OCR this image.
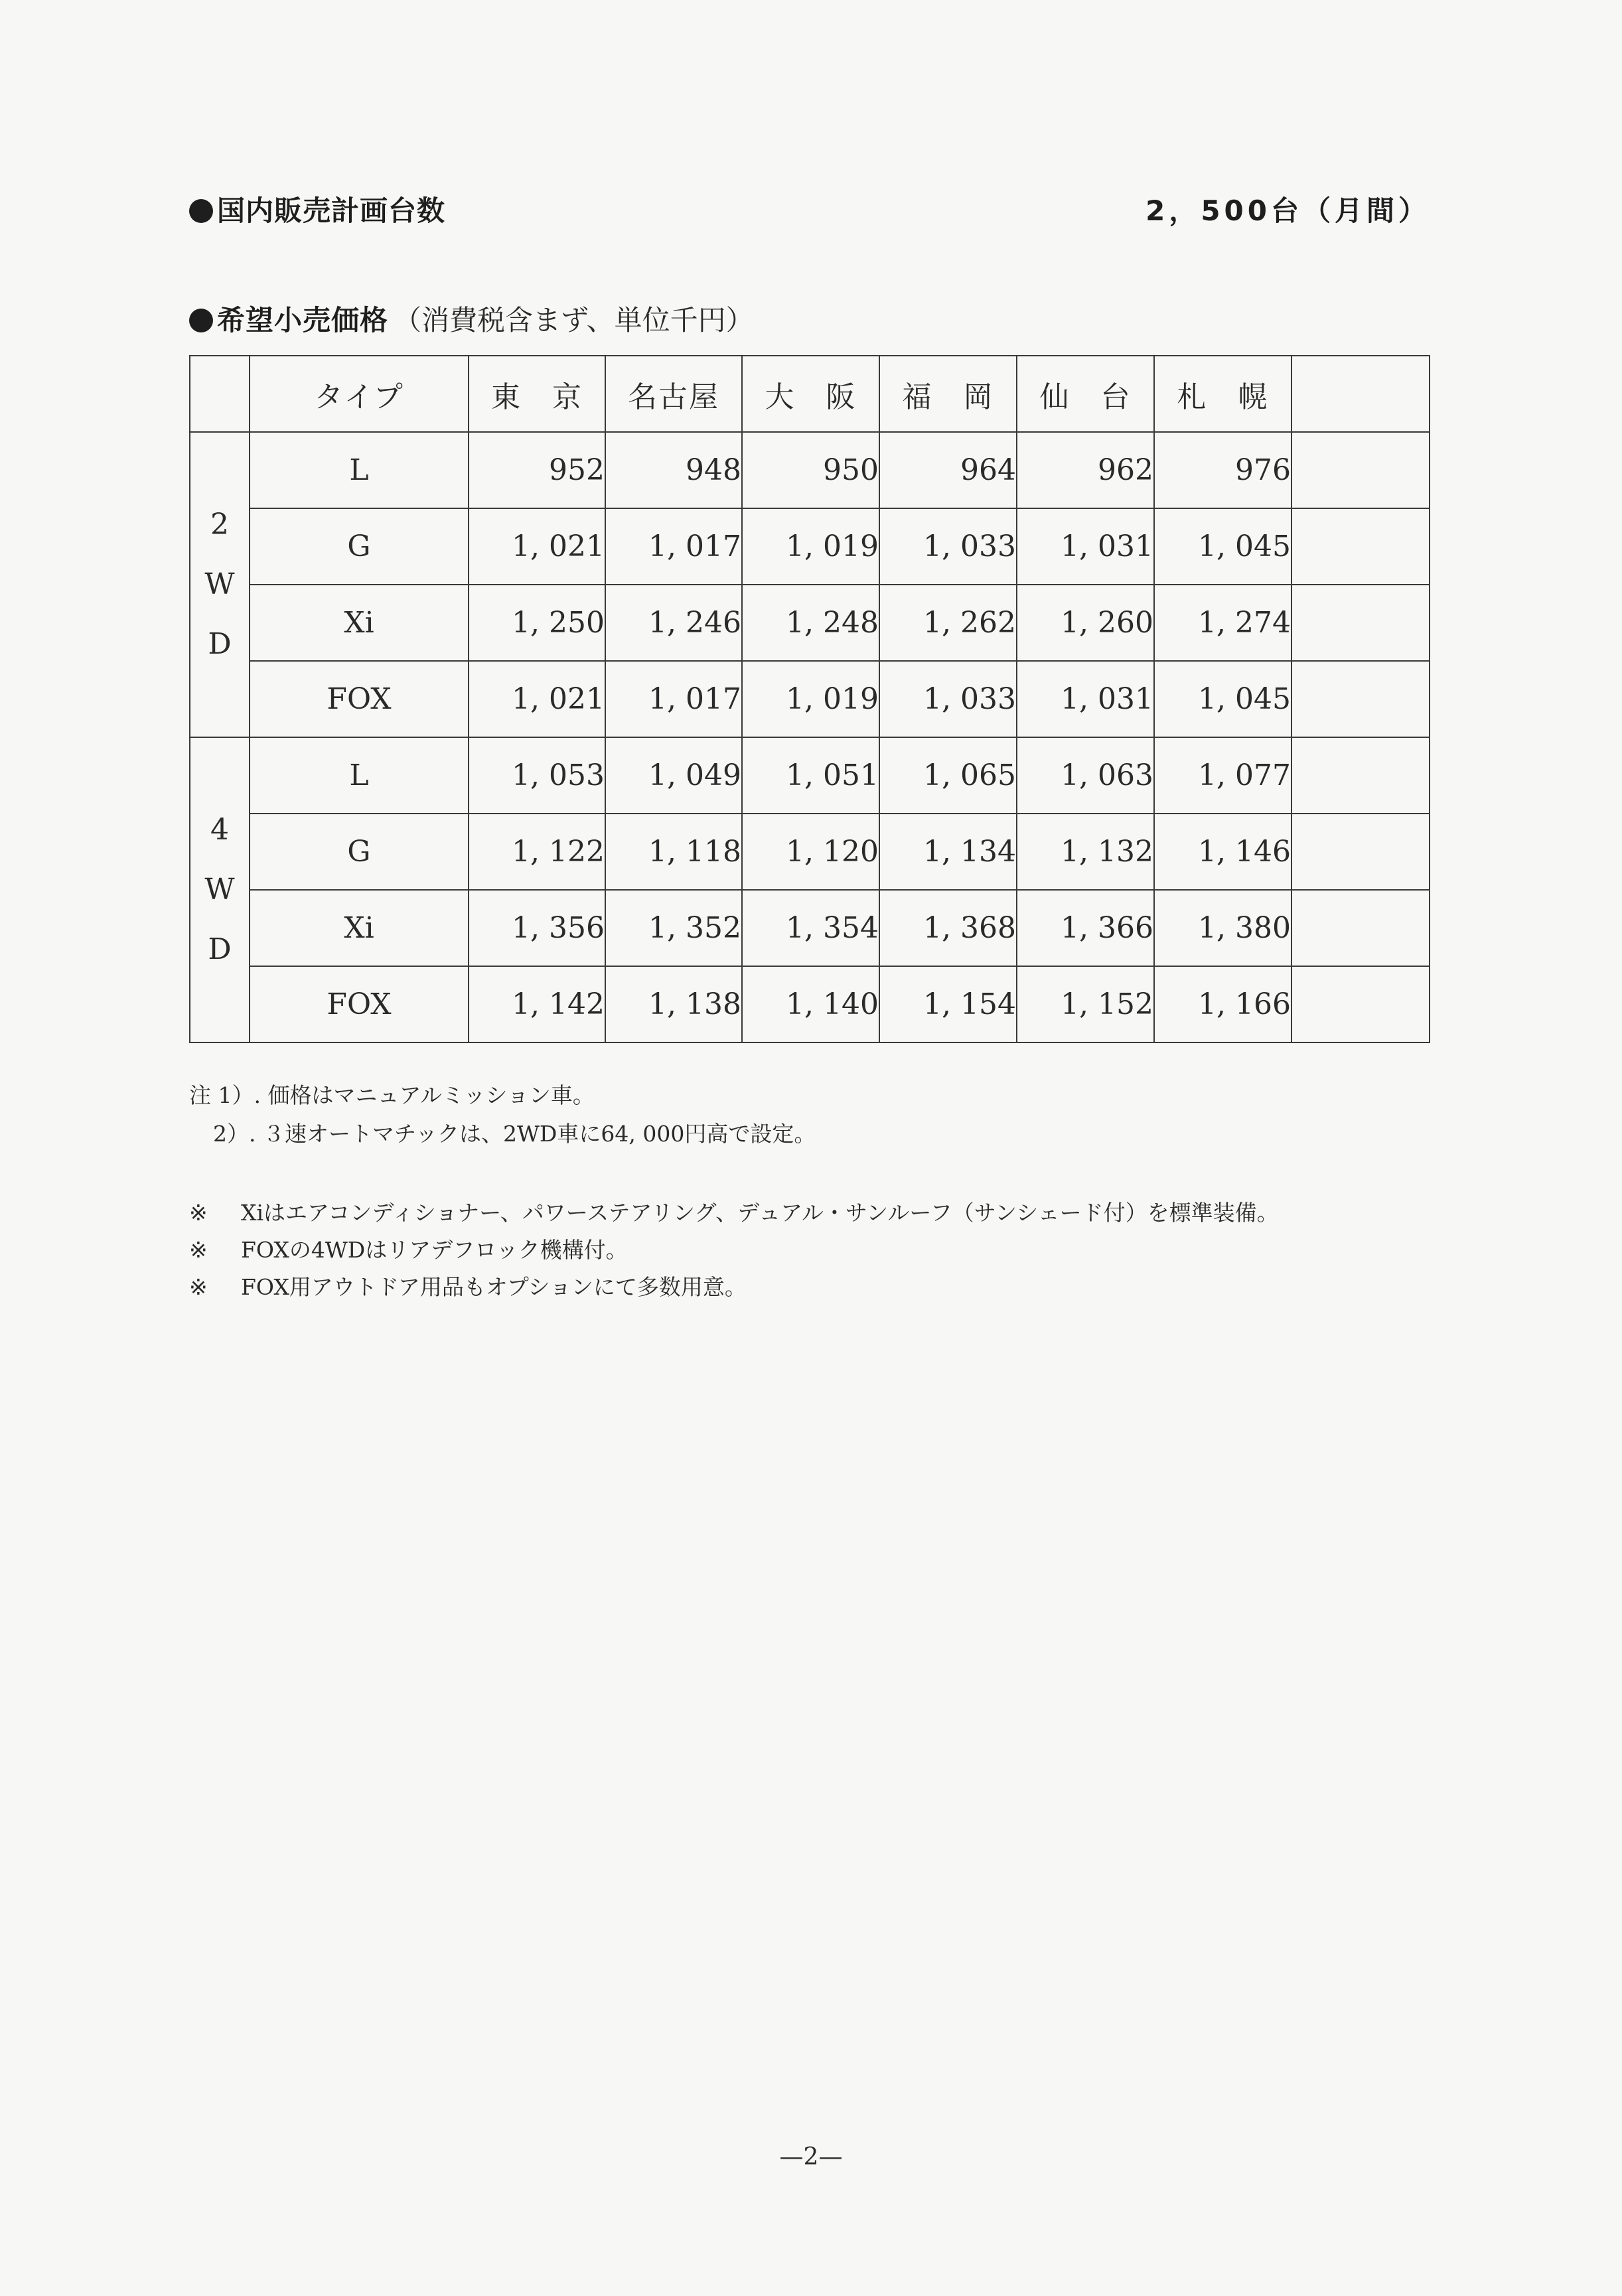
国内販売計画台数	2，500台（月間）
希望小売価格 （消費税含まず、単位千円）
	タイプ	東　京	名古屋	大　阪	福　岡	仙　台	札　幌	

2
W
D	L	952	948	950	964	962	976	
	G	1, 021	1, 017	1, 019	1, 033	1, 031	1, 045	
	Xi	1, 250	1, 246	1, 248	1, 262	1, 260	1, 274	
	FOX	1, 021	1, 017	1, 019	1, 033	1, 031	1, 045	

4
W
D	L	1, 053	1, 049	1, 051	1, 065	1, 063	1, 077	
	G	1, 122	1, 118	1, 120	1, 134	1, 132	1, 146	
	Xi	1, 356	1, 352	1, 354	1, 368	1, 366	1, 380	
	FOX	1, 142	1, 138	1, 140	1, 154	1, 152	1, 166	
注 1）. 価格はマニュアルミッション車。
2）. ３速オートマチックは、2WD車に64, 000円高で設定。
※	Xiはエアコンディショナー、パワーステアリング、デュアル・サンルーフ（サンシェード付）を標準装備。
※	FOXの4WDはリアデフロック機構付。
※	FOX用アウトドア用品もオプションにて多数用意。
—2—
